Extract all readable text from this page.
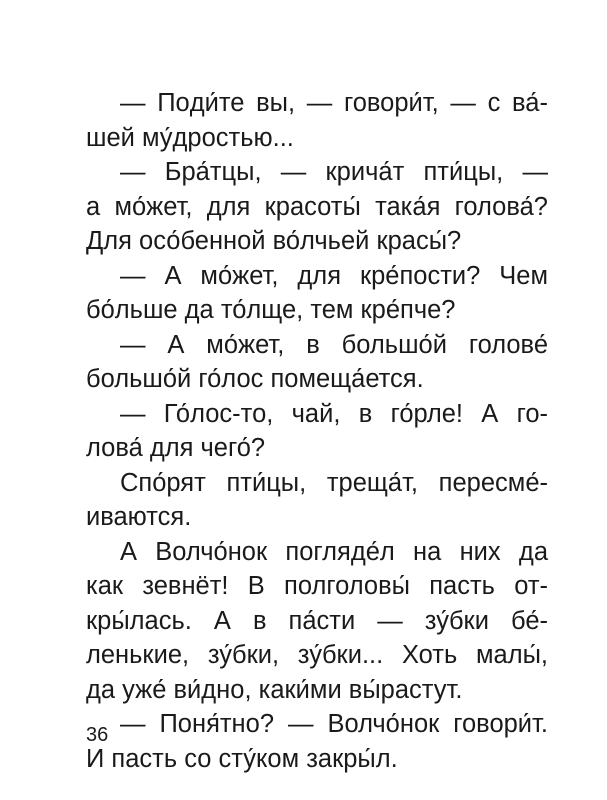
— Пoди́те вы, — говори́т, — с ва́-
шей му́дростью...
— Бра́тцы, — крича́т пти́цы, —
а мо́жет, для красоты́ така́я голова́?
Для осо́бенной во́лчьей красы́?
— А мо́жет, для кре́пости? Чем
бо́льше да то́лще, тем кре́пче?
— А мо́жет, в большо́й голове́
большо́й го́лос помеща́ется.
— Го́лос-то, чай, в го́рле! А го-
лова́ для чего́?
Спо́рят пти́цы, треща́т, пересме́-
иваются.
А Волчо́нок погляде́л на них да
как зевнёт! В полголовы́ пасть от-
кры́лась. А в па́сти — зу́бки бе́-
ленькие, зу́бки, зу́бки... Хоть малы́,
да уже́ ви́дно, каки́ми вы́растут.
— Поня́тно? — Волчо́нок говори́т.
И пасть со сту́ком закры́л.
36
